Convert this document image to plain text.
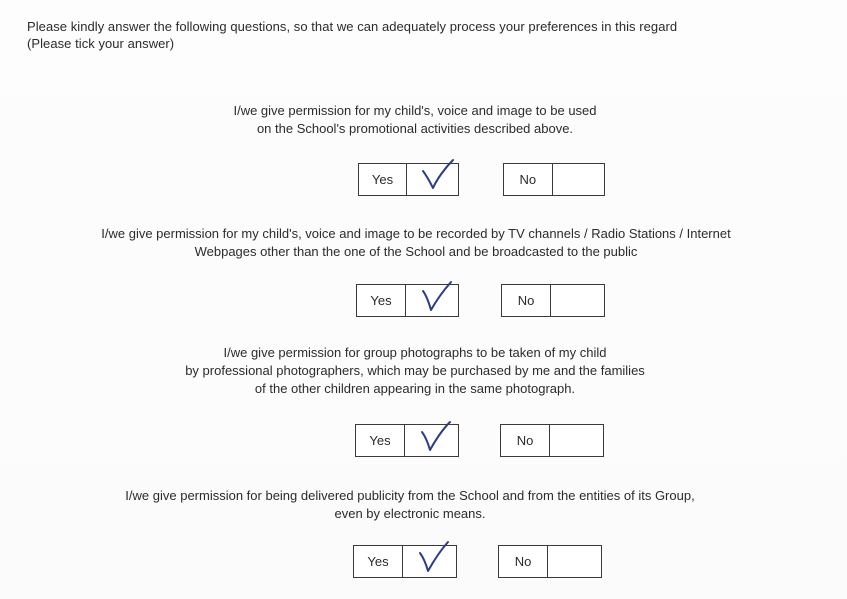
Please kindly answer the following questions, so that we can adequately process your preferences in this regard
(Please tick your answer)
I/we give permission for my child's, voice and image to be used
on the School's promotional activities described above.
Yes	No
I/we give permission for my child's, voice and image to be recorded by TV channels / Radio Stations / Internet
Webpages other than the one of the School and be broadcasted to the public
Yes	No
I/we give permission for group photographs to be taken of my child
by professional photographers, which may be purchased by me and the families
of the other children appearing in the same photograph.
Yes	No
I/we give permission for being delivered publicity from the School and from the entities of its Group,
even by electronic means.
Yes	No
